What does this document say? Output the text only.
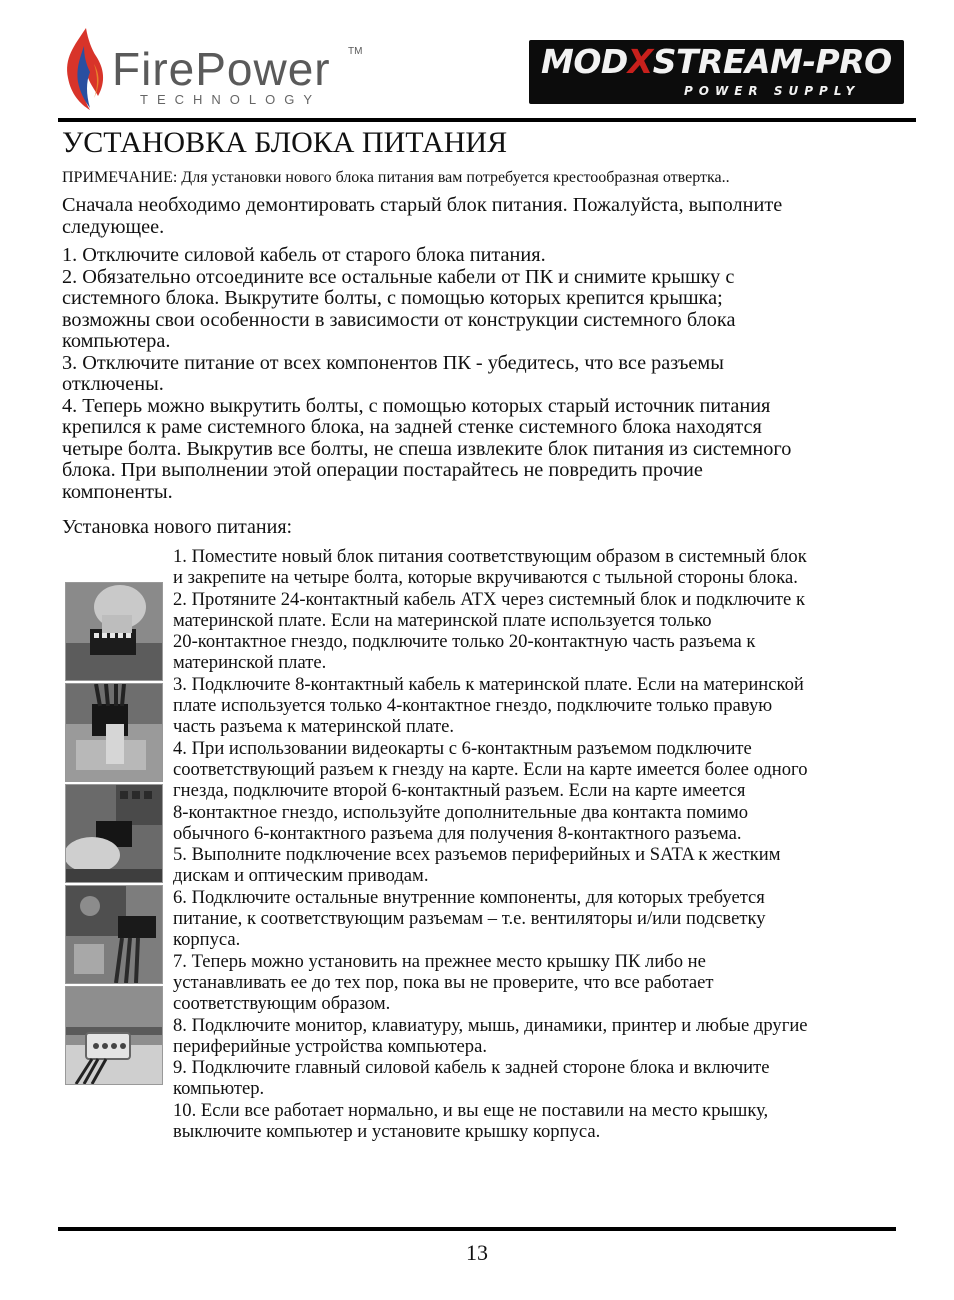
FirePower TM
TECHNOLOGY
MODXSTREAM-PRO
POWER SUPPLY
УСТАНОВКА БЛОКА ПИТАНИЯ
ПРИМЕЧАНИЕ: Для установки нового блока питания вам потребуется крестообразная отвертка..
Сначала необходимо демонтировать старый блок питания. Пожалуйста, выполните
следующее.
1. Отключите силовой кабель от старого блока питания.
2. Обязательно отсоедините все остальные кабели от ПК и снимите крышку с
системного блока. Выкрутите болты, с помощью которых крепится крышка;
возможны свои особенности в зависимости от конструкции системного блока
компьютера.
3. Отключите питание от всех компонентов ПК - убедитесь, что все разъемы
отключены.
4. Теперь можно выкрутить болты, с помощью которых старый источник питания
крепился к раме системного блока, на задней стенке системного блока находятся
четыре болта. Выкрутив все болты, не спеша извлеките блок питания из системного
блока. При выполнении этой операции постарайтесь не повредить прочие
компоненты.
Установка нового питания:
1. Поместите новый блок питания соответствующим образом в системный блок
и закрепите на четыре болта, которые вкручиваются с тыльной стороны блока.
2. Протяните 24-контактный кабель ATX через системный блок и подключите к
материнской плате. Если на материнской плате используется только
20-контактное гнездо, подключите только 20-контактную часть разъема к
материнской плате.
3. Подключите 8-контактный кабель к материнской плате. Если на материнской
плате используется только 4-контактное гнездо, подключите только правую
часть разъема к материнской плате.
4. При использовании видеокарты с 6-контактным разъемом подключите
соответствующий разъем к гнезду на карте. Если на карте имеется более одного
гнезда, подключите второй 6-контактный разъем. Если на карте имеется
8-контактное гнездо, используйте дополнительные два контакта помимо
обычного 6-контактного разъема для получения 8-контактного разъема.
5. Выполните подключение всех разъемов периферийных и SATA к жестким
дискам и оптическим приводам.
6. Подключите остальные внутренние компоненты, для которых требуется
питание, к соответствующим разъемам – т.е. вентиляторы и/или подсветку
корпуса.
7. Теперь можно установить на прежнее место крышку ПК либо не
устанавливать ее до тех пор, пока вы не проверите, что все работает
соответствующим образом.
8. Подключите монитор, клавиатуру, мышь, динамики, принтер и любые другие
периферийные устройства компьютера.
9. Подключите главный силовой кабель к задней стороне блока и включите
компьютер.
10. Если все работает нормально, и вы еще не поставили на место крышку,
выключите компьютер и установите крышку корпуса.
13
